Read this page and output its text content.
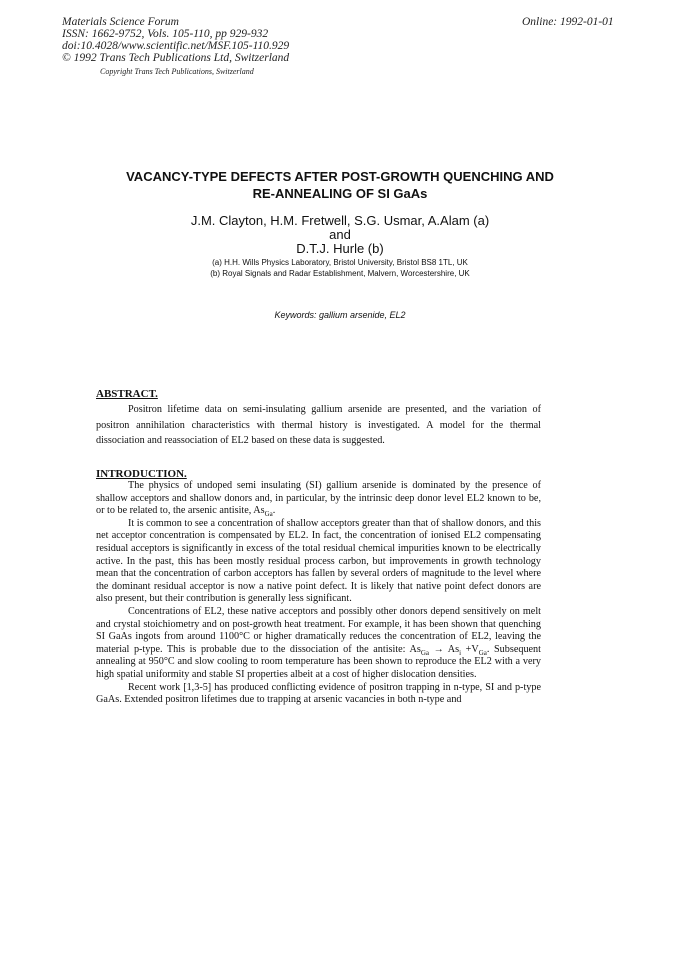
Materials Science Forum
ISSN: 1662-9752, Vols. 105-110, pp 929-932
doi:10.4028/www.scientific.net/MSF.105-110.929
© 1992 Trans Tech Publications Ltd, Switzerland
Online: 1992-01-01
Copyright Trans Tech Publications, Switzerland
VACANCY-TYPE DEFECTS AFTER POST-GROWTH QUENCHING AND
RE-ANNEALING OF SI GaAs
J.M. Clayton, H.M. Fretwell, S.G. Usmar, A.Alam (a)
and
D.T.J. Hurle (b)
(a) H.H. Wills Physics Laboratory, Bristol University, Bristol BS8 1TL, UK
(b) Royal Signals and Radar Establishment, Malvern, Worcestershire, UK
Keywords: gallium arsenide, EL2
ABSTRACT.

Positron lifetime data on semi-insulating gallium arsenide are presented, and the variation of positron annihilation characteristics with thermal history is investigated. A model for the thermal dissociation and reassociation of EL2 based on these data is suggested.

INTRODUCTION.

The physics of undoped semi insulating (SI) gallium arsenide is dominated by the presence of shallow acceptors and shallow donors and, in particular, by the intrinsic deep donor level EL2 known to be, or to be related to, the arsenic antisite, $As_{Ga}$.

It is common to see a concentration of shallow acceptors greater than that of shallow donors, and this net acceptor concentration is compensated by EL2. In fact, the concentration of ionised EL2 compensating residual acceptors is significantly in excess of the total residual chemical impurities known to be electrically active. In the past, this has been mostly residual process carbon, but improvements in growth technology mean that the concentration of carbon acceptors has fallen by several orders of magnitude to the level where the dominant residual acceptor is now a native point defect. It is likely that native point defect donors are also present, but their contribution is generally less significant.

Concentrations of EL2, these native acceptors and possibly other donors depend sensitively on melt and crystal stoichiometry and on post-growth heat treatment. For example, it has been shown that quenching SI GaAs ingots from around 1100°C or higher dramatically reduces the concentration of EL2, leaving the material p-type. This is probable due to the dissociation of the antisite: $As_{Ga} \to As_i +V_{Ga}$. Subsequent annealing at 950°C and slow cooling to room temperature has been shown to reproduce the EL2 with a very high spatial uniformity and stable SI properties albeit at a cost of higher dislocation densities.

Recent work [1,3-5] has produced conflicting evidence of positron trapping in n-type, SI and p-type GaAs. Extended positron lifetimes due to trapping at arsenic vacancies in both n-type and
